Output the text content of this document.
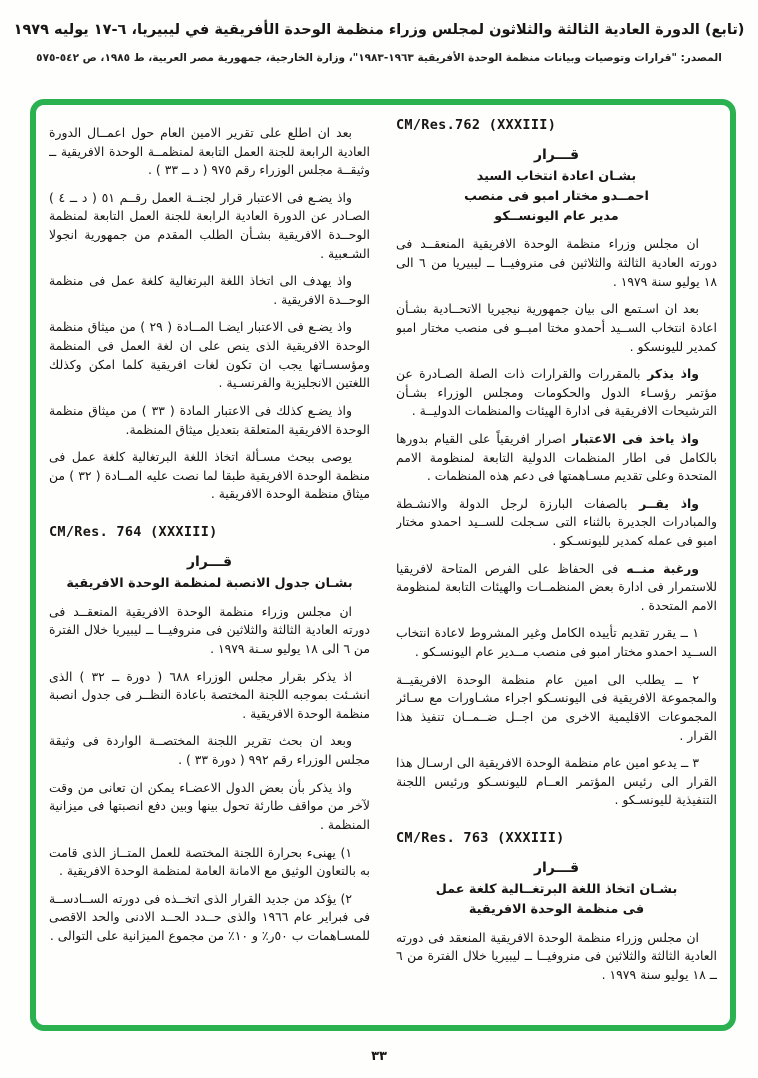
(تابع) الدورة العادية الثالثة والثلاثون لمجلس وزراء منظمة الوحدة الأفريقية في ليبيريا، ٦-١٧ يوليه ١٩٧٩
المصدر: "قرارات وتوصيات وبيانات منظمة الوحدة الأفريقية ١٩٦٣-١٩٨٣"، وزارة الخارجية، جمهورية مصر العربية، ط ١٩٨٥، ص ٥٤٢-٥٧٥
CM/Res.762 (XXXIII)
قـــرار
بشـان اعادة انتخاب السيد
احمــدو مختار امبو فى منصب
مدير عام اليونســكو
ان مجلس وزراء منظمة الوحدة الافريقية المنعقــد فى دورته العادية الثالثة والثلاثين فى منروفيــا ــ ليبيريا من ٦ الى ١٨ يوليو سنة ١٩٧٩ .
بعد ان اسـتمع الى بيان جمهورية نيجيريا الاتحــادية بشـأن اعادة انتخاب الســيد أحمدو مختا امبــو فى منصب مختار امبو كمدير لليونسكو .
واذ يذكر بالمقررات والقرارات ذات الصلة الصـادرة عن مؤتمر رؤسـاء الدول والحكومات ومجلس الوزراء بشـأن الترشيحات الافريقية فى ادارة الهيئات والمنظمات الدوليــة .
واذ ياخذ فى الاعتبار اصرار افريقياً على القيام بدورها بالكامل فى اطار المنظمات الدولية التابعة لمنظومة الامم المتحدة وعلى تقديم مسـاهمتها فى دعم هذه المنظمات .
واذ يقــر بالصفات البارزة لرجل الدولة والانشـطة والمبادرات الجديرة بالثناء التى سـجلت للســيد احمدو مختار امبو فى عمله كمدير لليونسـكو .
ورغبة منــه فى الحفاظ على الفرص المتاحة لافريقيا للاستمرار فى ادارة بعض المنظمــات والهيئات التابعة لمنظومة الامم المتحدة .
١ ــ يقرر تقديم تأييده الكامل وغير المشروط لاعادة انتخاب الســيد احمدو مختار امبو فى منصب مــدير عام اليونسـكو .
٢ ــ يطلب الى امين عام منظمة الوحدة الافريقيــة والمجموعة الافريقية فى اليونسـكو اجراء مشـاورات مع سـائر المجموعات الاقليمية الاخرى من اجــل ضــمــان تنفيذ هذا القرار .
٣ ــ يدعو امين عام منظمة الوحدة الافريقية الى ارسـال هذا القرار الى رئيس المؤتمر العــام لليونسـكو ورئيس اللجنة التنفيذية لليونسـكو .
CM/Res. 763 (XXXIII)
قـــرار
بشـان اتخاذ اللغة البرتغــالية كلغة عمل
فى منظمة الوحدة الافريقية
ان مجلس وزراء منظمة الوحدة الافريقية المنعقد فى دورته العادية الثالثة والثلاثين فى منروفيــا ــ ليبيريا خلال الفترة من ٦ ــ ١٨ يوليو سنة ١٩٧٩ .
بعد ان اطلع على تقرير الامين العام حول اعمــال الدورة العادية الرابعة للجنة العمل التابعة لمنظمــة الوحدة الافريقية ــ وثيقــة مجلس الوزراء رقم ٩٧٥ ( د ــ ٣٣ ) .
واذ يضـع فى الاعتبار قرار لجنــة العمل رقــم ٥١ ( د ــ ٤ ) الصـادر عن الدورة العادية الرابعة للجنة العمل التابعة لمنظمة الوحــدة الافريقية بشـأن الطلب المقدم من جمهورية انجولا الشـعبية .
واذ يهدف الى اتخاذ اللغة البرتغالية كلغة عمل فى منظمة الوحــدة الافريقية .
واذ يضـع فى الاعتبار ايضـا المــادة ( ٢٩ ) من ميثاق منظمة الوحدة الافريقية الذى ينص على ان لغة العمل فى المنظمة ومؤسسـاتها يجب ان تكون لغات افريقية كلما امكن وكذلك اللغتين الانجليزية والفرنسـية .
واذ يضـع كذلك فى الاعتبار المادة ( ٣٣ ) من ميثاق منظمة الوحدة الافريقية المتعلقة بتعديل ميثاق المنظمة.
يوصى ببحث مسـألة اتخاذ اللغة البرتغالية كلغة عمل فى منظمة الوحدة الافريقية طبقا لما نصت عليه المــادة ( ٣٢ ) من ميثاق منظمة الوحدة الافريقية .
CM/Res. 764 (XXXIII)
قـــرار
بشـان جدول الانصبة لمنظمة الوحدة الافريقية
ان مجلس وزراء منظمة الوحدة الافريقية المنعقــد فى دورته العادية الثالثة والثلاثين فى منروفيــا ــ ليبيريا خلال الفترة من ٦ الى ١٨ يوليو سـنة ١٩٧٩ .
اذ يذكر بقرار مجلس الوزراء ٦٨٨ ( دورة ــ ٣٢ ) الذى انشـئت بموجبه اللجنة المختصة باعادة النظــر فى جدول انصبة منظمة الوحدة الافريقية .
وبعد ان بحث تقرير اللجنة المختصــة الواردة فى وثيقة مجلس الوزراء رقم ٩٩٢ ( دورة ٣٣ ) .
واذ يذكر بأن بعض الدول الاعضـاء يمكن ان تعانى من وقت لآخر من مواقف طارئة تحول بينها وبين دفع انصبتها فى ميزانية المنظمة .
١) يهنىء بحرارة اللجنة المختصة للعمل المتــاز الذى قامت به بالتعاون الوثيق مع الامانة العامة لمنظمة الوحدة الافريقية .
٢) يؤكد من جديد القرار الذى اتخــذه فى دورته الســادســة فى فبراير عام ١٩٦٦ والذى حــدد الحــد الادنى والحد الاقصى للمسـاهمات ب ٥٠ر٪ و ١٠٪ من مجموع الميزانية على التوالى .
٣٣
